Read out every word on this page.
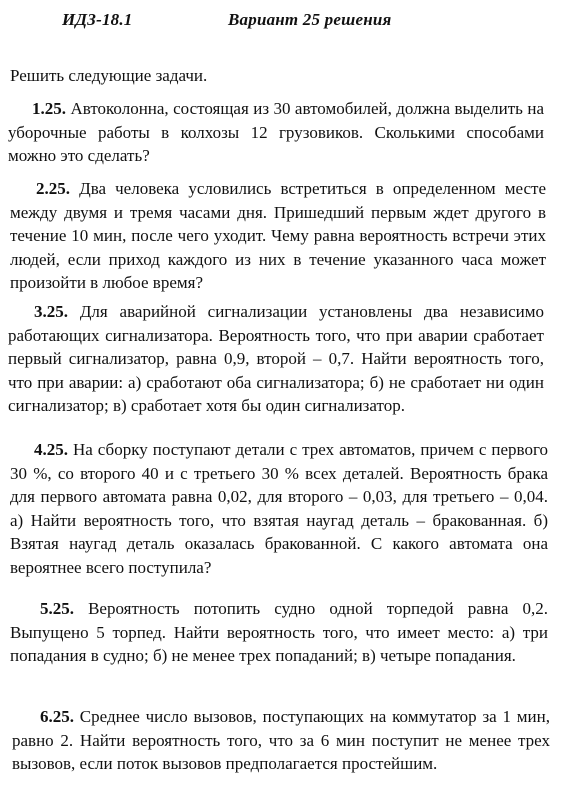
ИДЗ-18.1	Вариант 25 решения
Решить следующие задачи.
1.25. Автоколонна, состоящая из 30 автомобилей, должна выделить на уборочные работы в колхозы 12 грузовиков. Сколькими способами можно это сделать?
2.25. Два человека условились встретиться в определенном месте между двумя и тремя часами дня. Пришедший первым ждет другого в течение 10 мин, после чего уходит. Чему равна вероятность встречи этих людей, если приход каждого из них в течение указанного часа может произойти в любое время?
3.25. Для аварийной сигнализации установлены два независимо работающих сигнализатора. Вероятность того, что при аварии сработает первый сигнализатор, равна 0,9, второй – 0,7. Найти вероятность того, что при аварии: а) сработают оба сигнализатора; б) не сработает ни один сигнализатор; в) сработает хотя бы один сигнализатор.
4.25. На сборку поступают детали с трех автоматов, причем с первого 30 %, со второго 40 и с третьего 30 % всех деталей. Вероятность брака для первого автомата равна 0,02, для второго – 0,03, для третьего – 0,04. а) Найти вероятность того, что взятая наугад деталь – бракованная. б) Взятая наугад деталь оказалась бракованной. С какого автомата она вероятнее всего поступила?
5.25. Вероятность потопить судно одной торпедой равна 0,2. Выпущено 5 торпед. Найти вероятность того, что имеет место: а) три попадания в судно; б) не менее трех попаданий; в) четыре попадания.
6.25. Среднее число вызовов, поступающих на коммутатор за 1 мин, равно 2. Найти вероятность того, что за 6 мин поступит не менее трех вызовов, если поток вызовов предполагается простейшим.
